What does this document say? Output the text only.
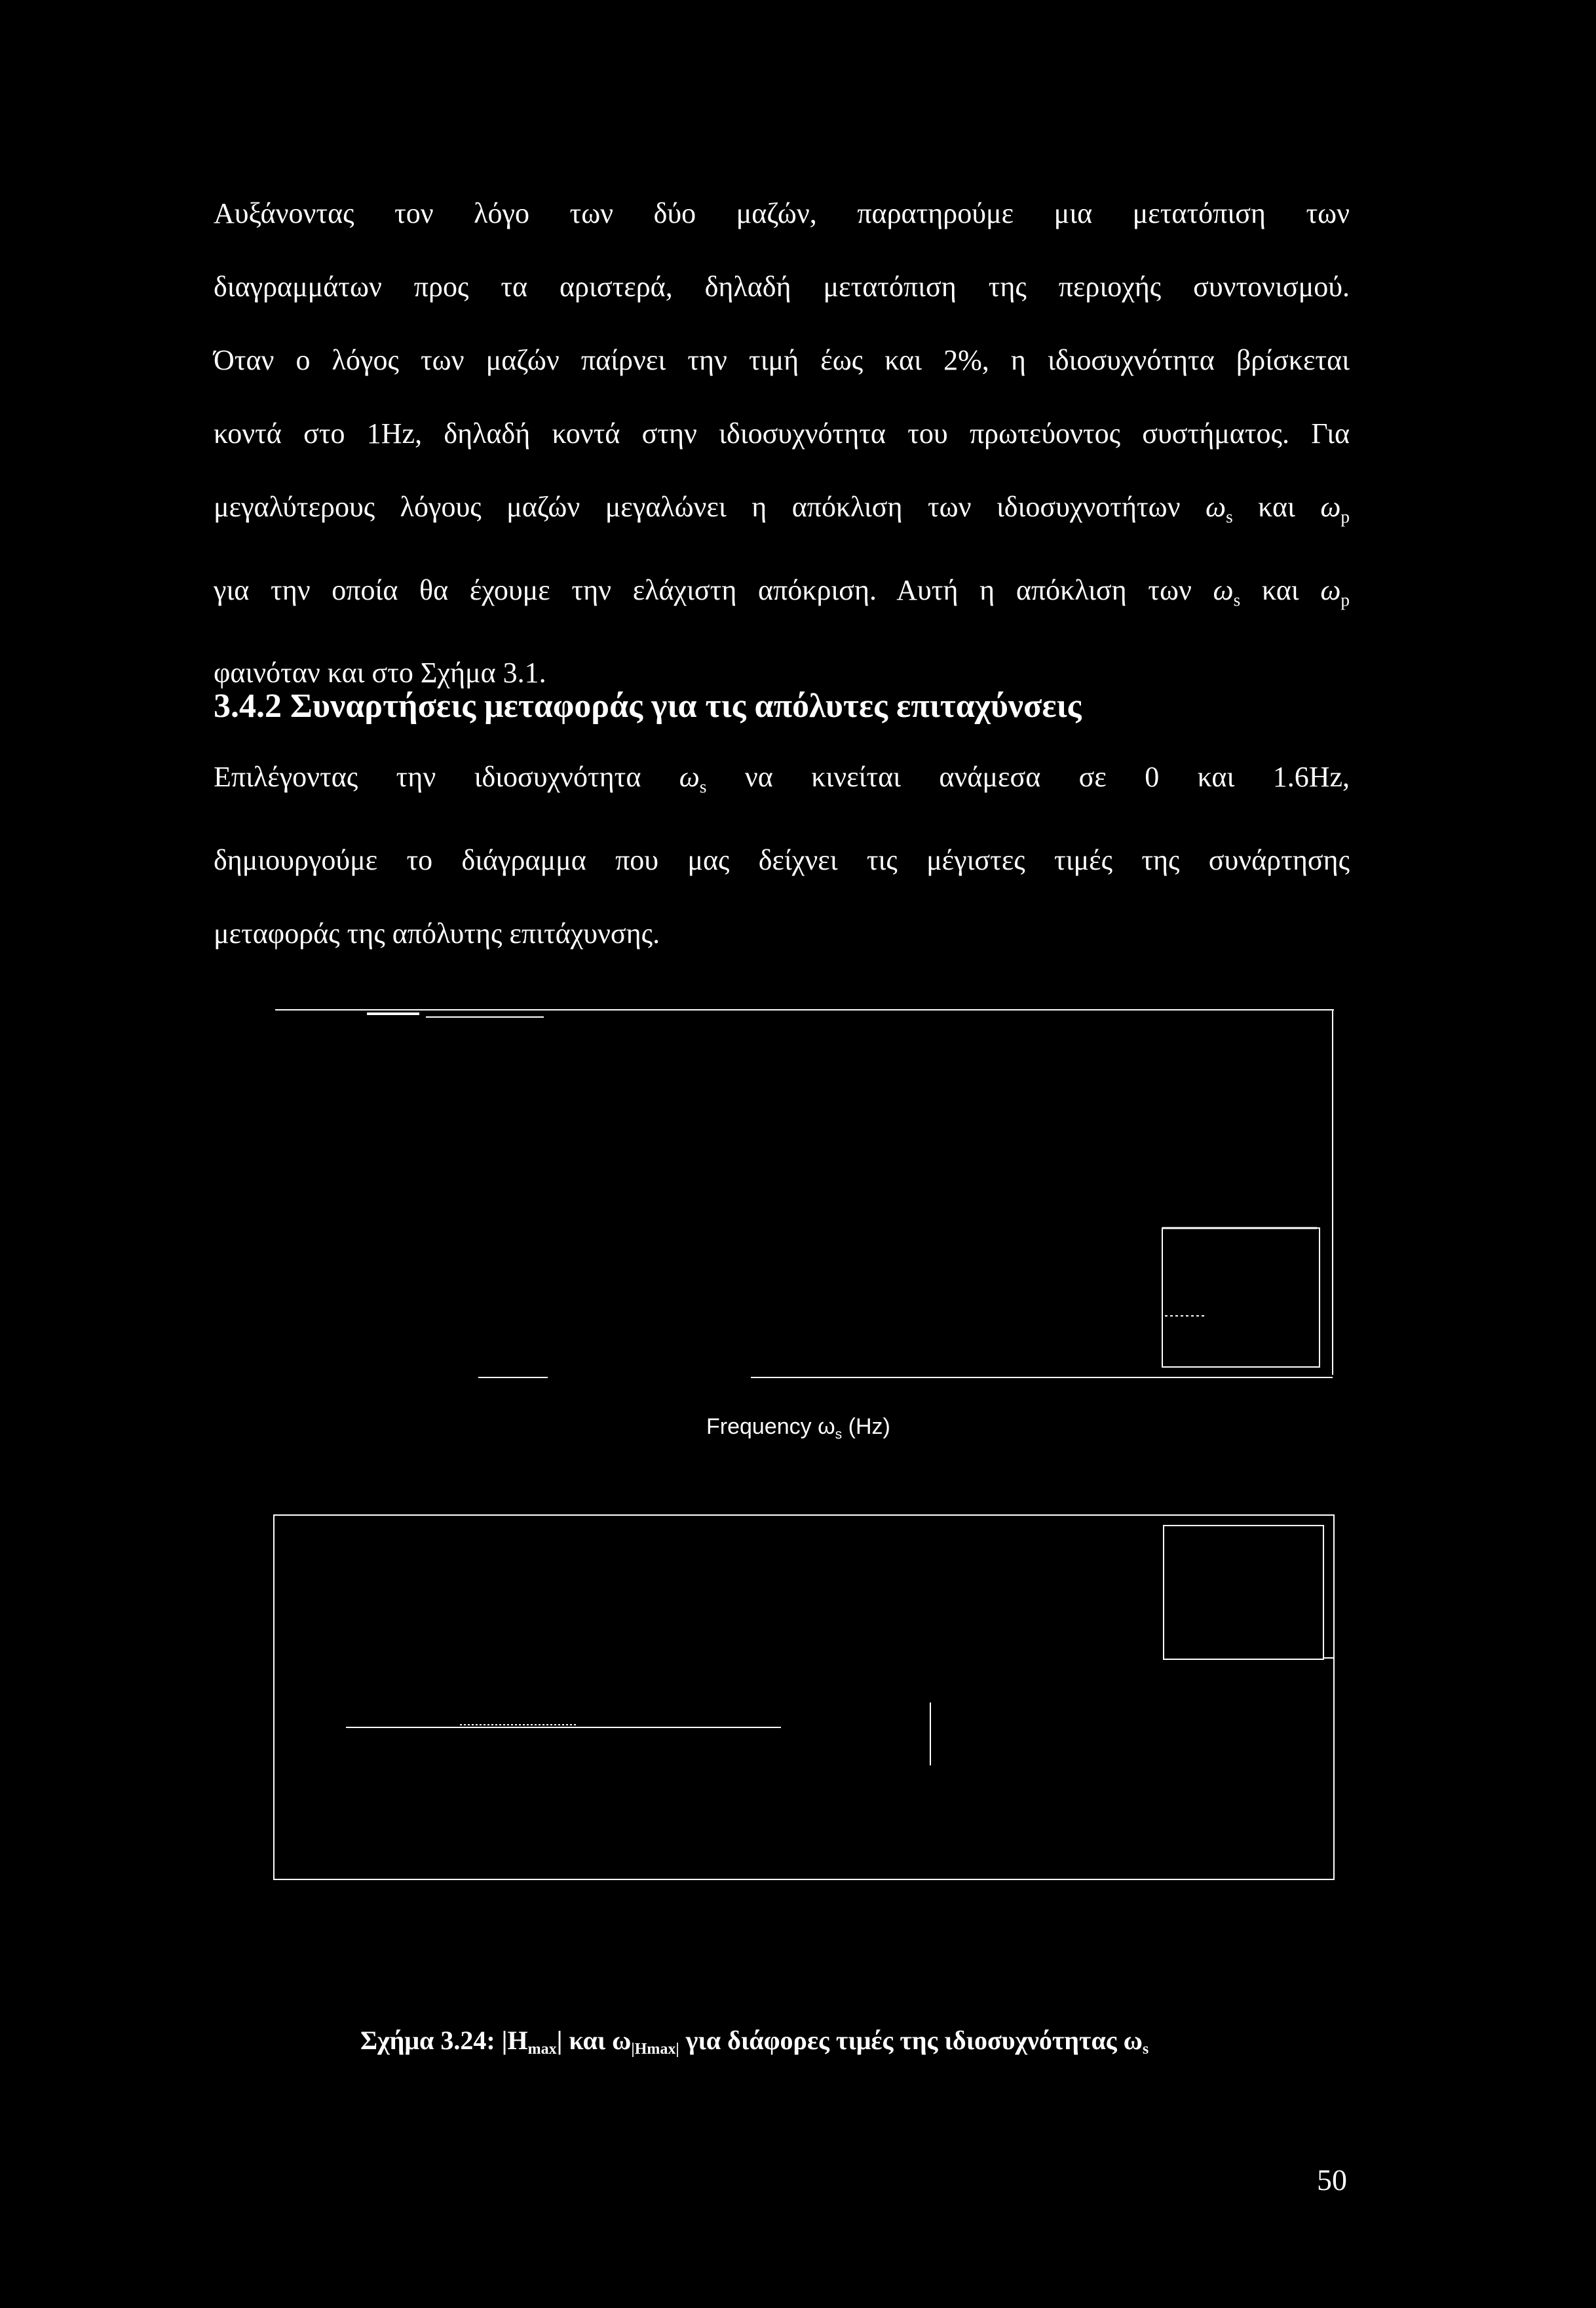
Αυξάνοντας τον λόγο των δύο μαζών, παρατηρούμε μια μετατόπιση των
διαγραμμάτων προς τα αριστερά, δηλαδή μετατόπιση της περιοχής συντονισμού.
Όταν ο λόγος των μαζών παίρνει την τιμή έως και 2%, η ιδιοσυχνότητα βρίσκεται
κοντά στο 1Hz, δηλαδή κοντά στην ιδιοσυχνότητα του πρωτεύοντος συστήματος. Για
μεγαλύτερους λόγους μαζών μεγαλώνει η απόκλιση των ιδιοσυχνοτήτων $\omega_s$ και $\omega_p$
για την οποία θα έχουμε την ελάχιστη απόκριση. Αυτή η απόκλιση των $\omega_s$ και $\omega_p$
φαινόταν και στο Σχήμα 3.1.
3.4.2 Συναρτήσεις μεταφοράς για τις απόλυτες επιταχύνσεις
Επιλέγοντας την ιδιοσυχνότητα $\omega_s$ να κινείται ανάμεσα σε 0 και 1.6Hz,
δημιουργούμε το διάγραμμα που μας δείχνει τις μέγιστες τιμές της συνάρτησης
μεταφοράς της απόλυτης επιτάχυνσης.
Frequency $\omega_s$ (Hz)
Σχήμα 3.24: |Hmax| και ω|Hmax| για διάφορες τιμές της ιδιοσυχνότητας ωs
50
